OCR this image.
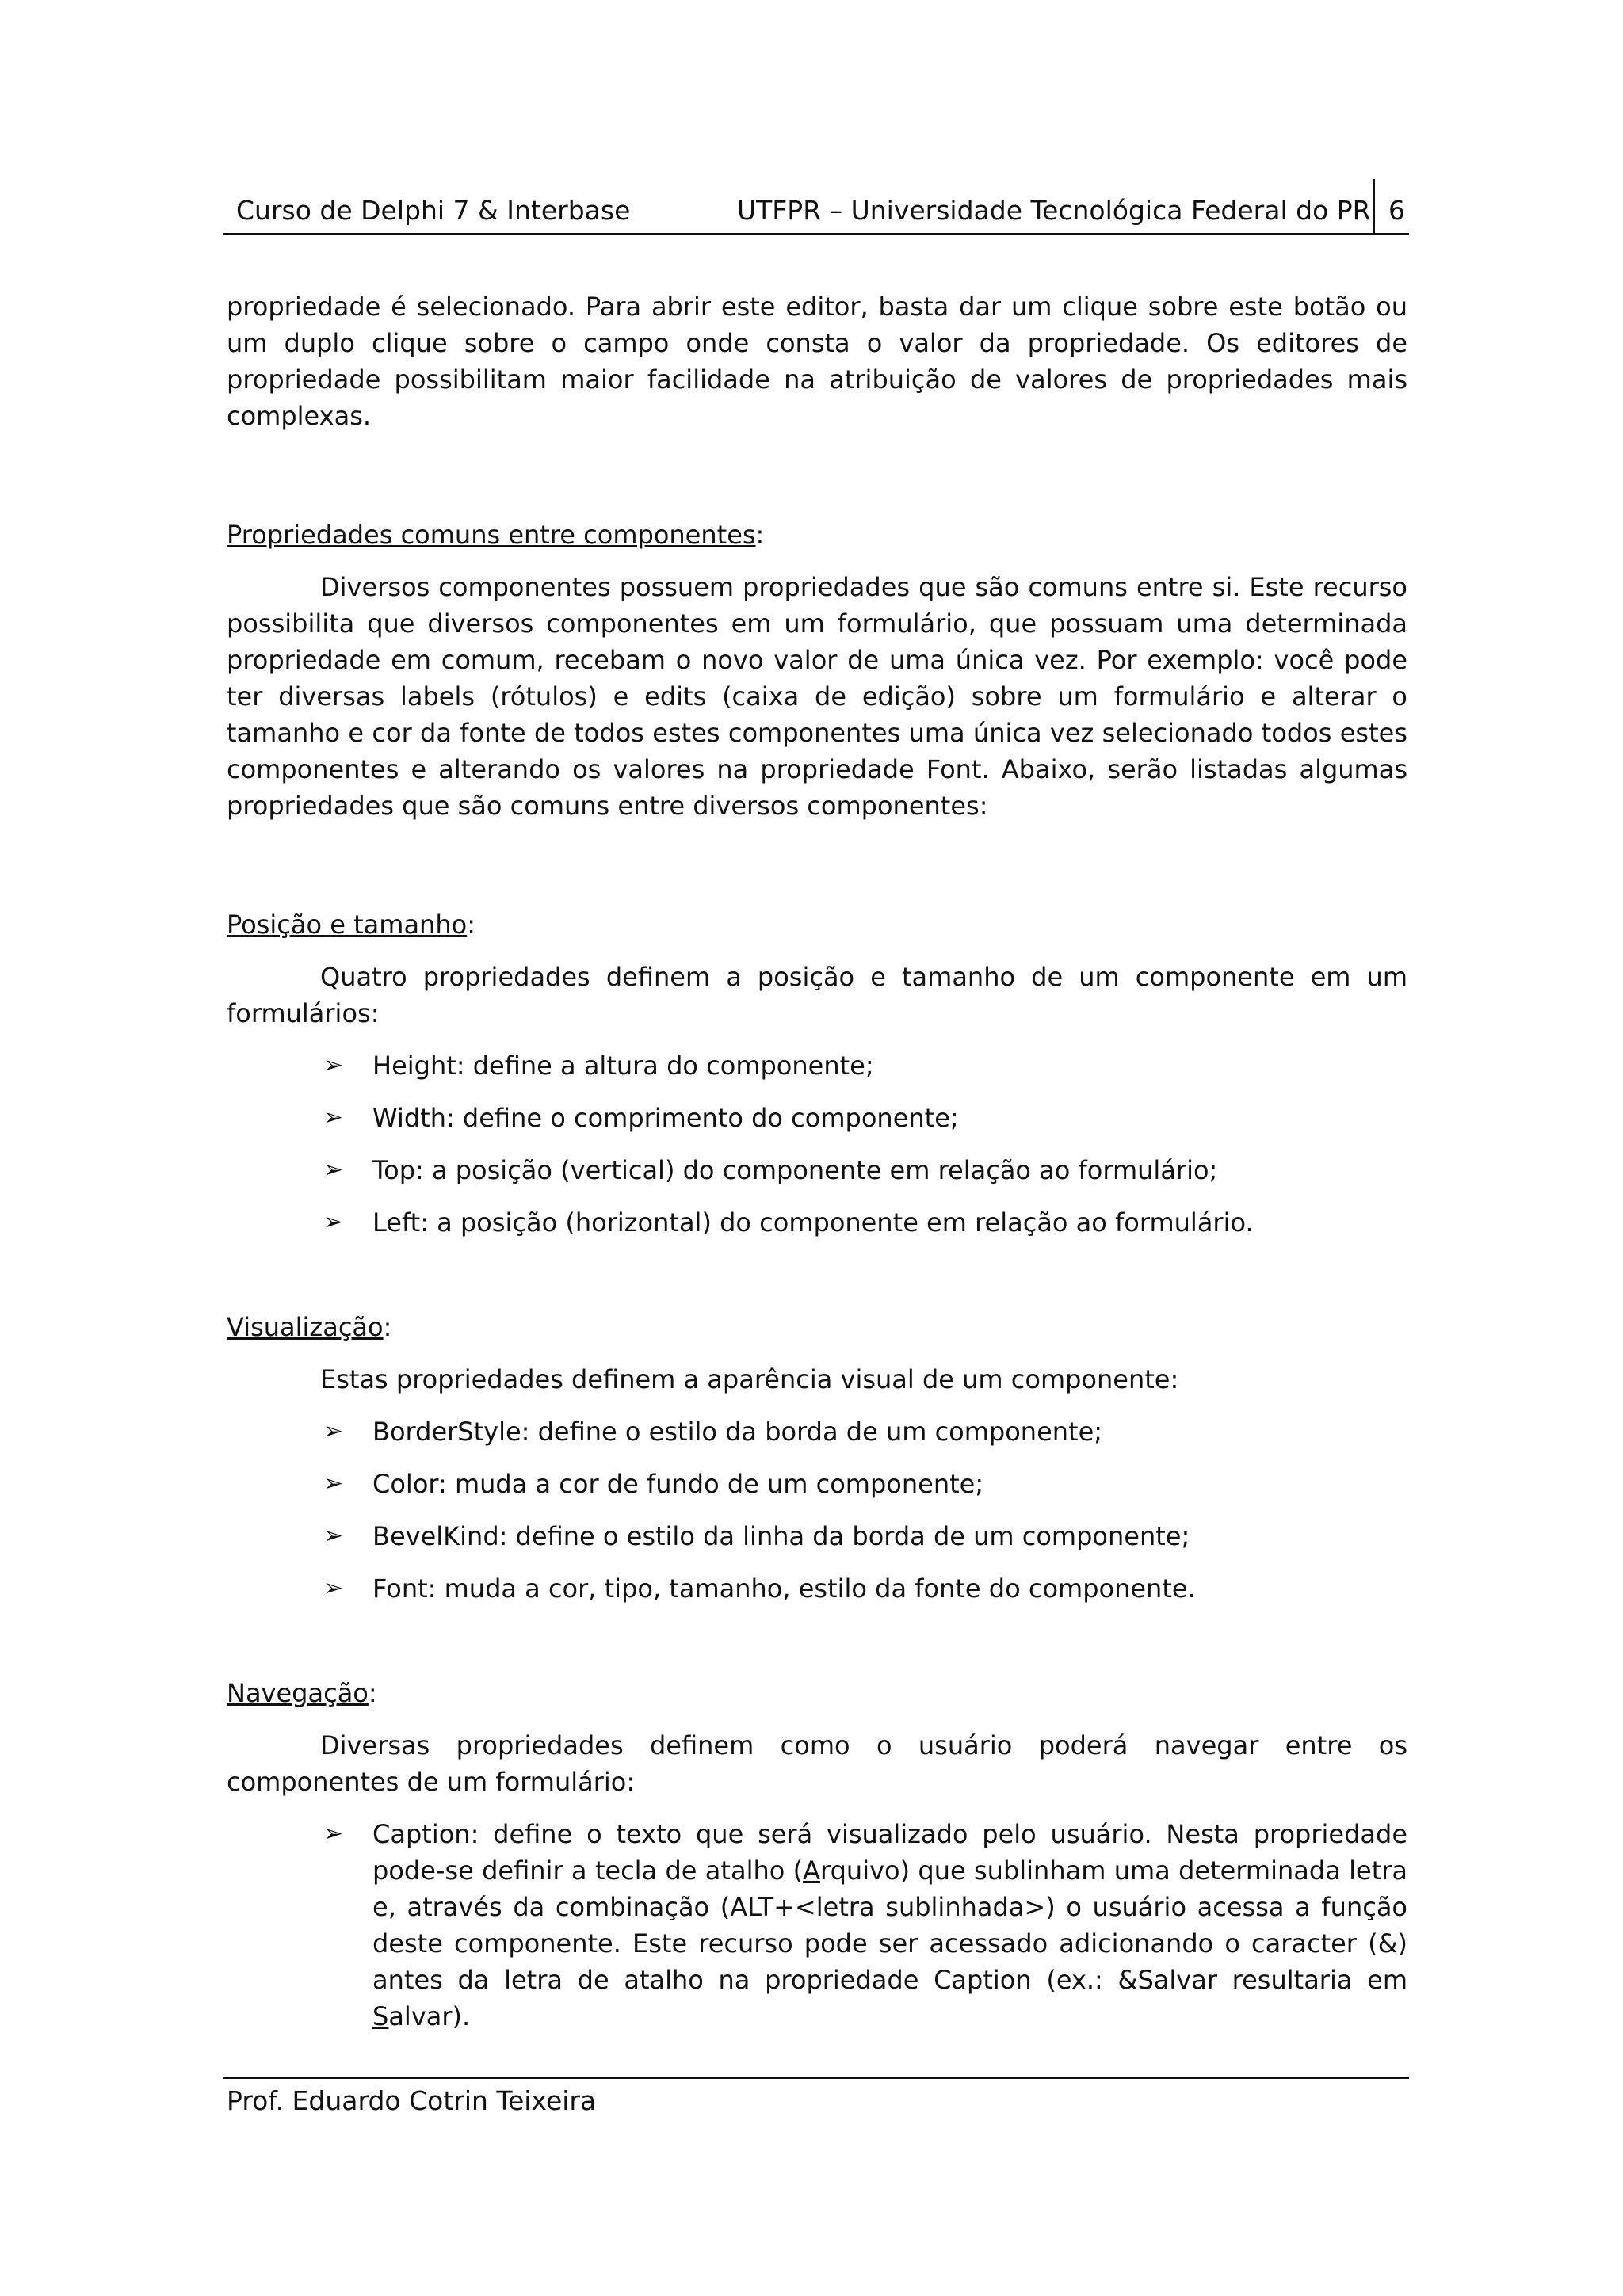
Curso de Delphi 7 & Interbase	UTFPR – Universidade Tecnológica Federal do PR 6

propriedade é selecionado. Para abrir este editor, basta dar um clique sobre este botão ou um duplo clique sobre o campo onde consta o valor da propriedade. Os editores de propriedade possibilitam maior facilidade na atribuição de valores de propriedades mais complexas.

Propriedades comuns entre componentes:

Diversos componentes possuem propriedades que são comuns entre si. Este recurso possibilita que diversos componentes em um formulário, que possuam uma determinada propriedade em comum, recebam o novo valor de uma única vez. Por exemplo: você pode ter diversas labels (rótulos) e edits (caixa de edição) sobre um formulário e alterar o tamanho e cor da fonte de todos estes componentes uma única vez selecionado todos estes componentes e alterando os valores na propriedade Font. Abaixo, serão listadas algumas propriedades que são comuns entre diversos componentes:

Posição e tamanho:

Quatro propriedades definem a posição e tamanho de um componente em um formulários:

➢ Height: define a altura do componente;
➢ Width: define o comprimento do componente;
➢ Top: a posição (vertical) do componente em relação ao formulário;
➢ Left: a posição (horizontal) do componente em relação ao formulário.
Visualização:

Estas propriedades definem a aparência visual de um componente:

➢ BorderStyle: define o estilo da borda de um componente;
➢ Color: muda a cor de fundo de um componente;
➢ BevelKind: define o estilo da linha da borda de um componente;
➢ Font: muda a cor, tipo, tamanho, estilo da fonte do componente.
Navegação:

Diversas propriedades definem como o usuário poderá navegar entre os componentes de um formulário:

➢ Caption: define o texto que será visualizado pelo usuário. Nesta propriedade pode-se definir a tecla de atalho (Arquivo) que sublinham uma determinada letra e, através da combinação (ALT+<letra sublinhada>) o usuário acessa a função deste componente. Este recurso pode ser acessado adicionando o caracter (&) antes da letra de atalho na propriedade Caption (ex.: &Salvar resultaria em Salvar).
Prof. Eduardo Cotrin Teixeira
